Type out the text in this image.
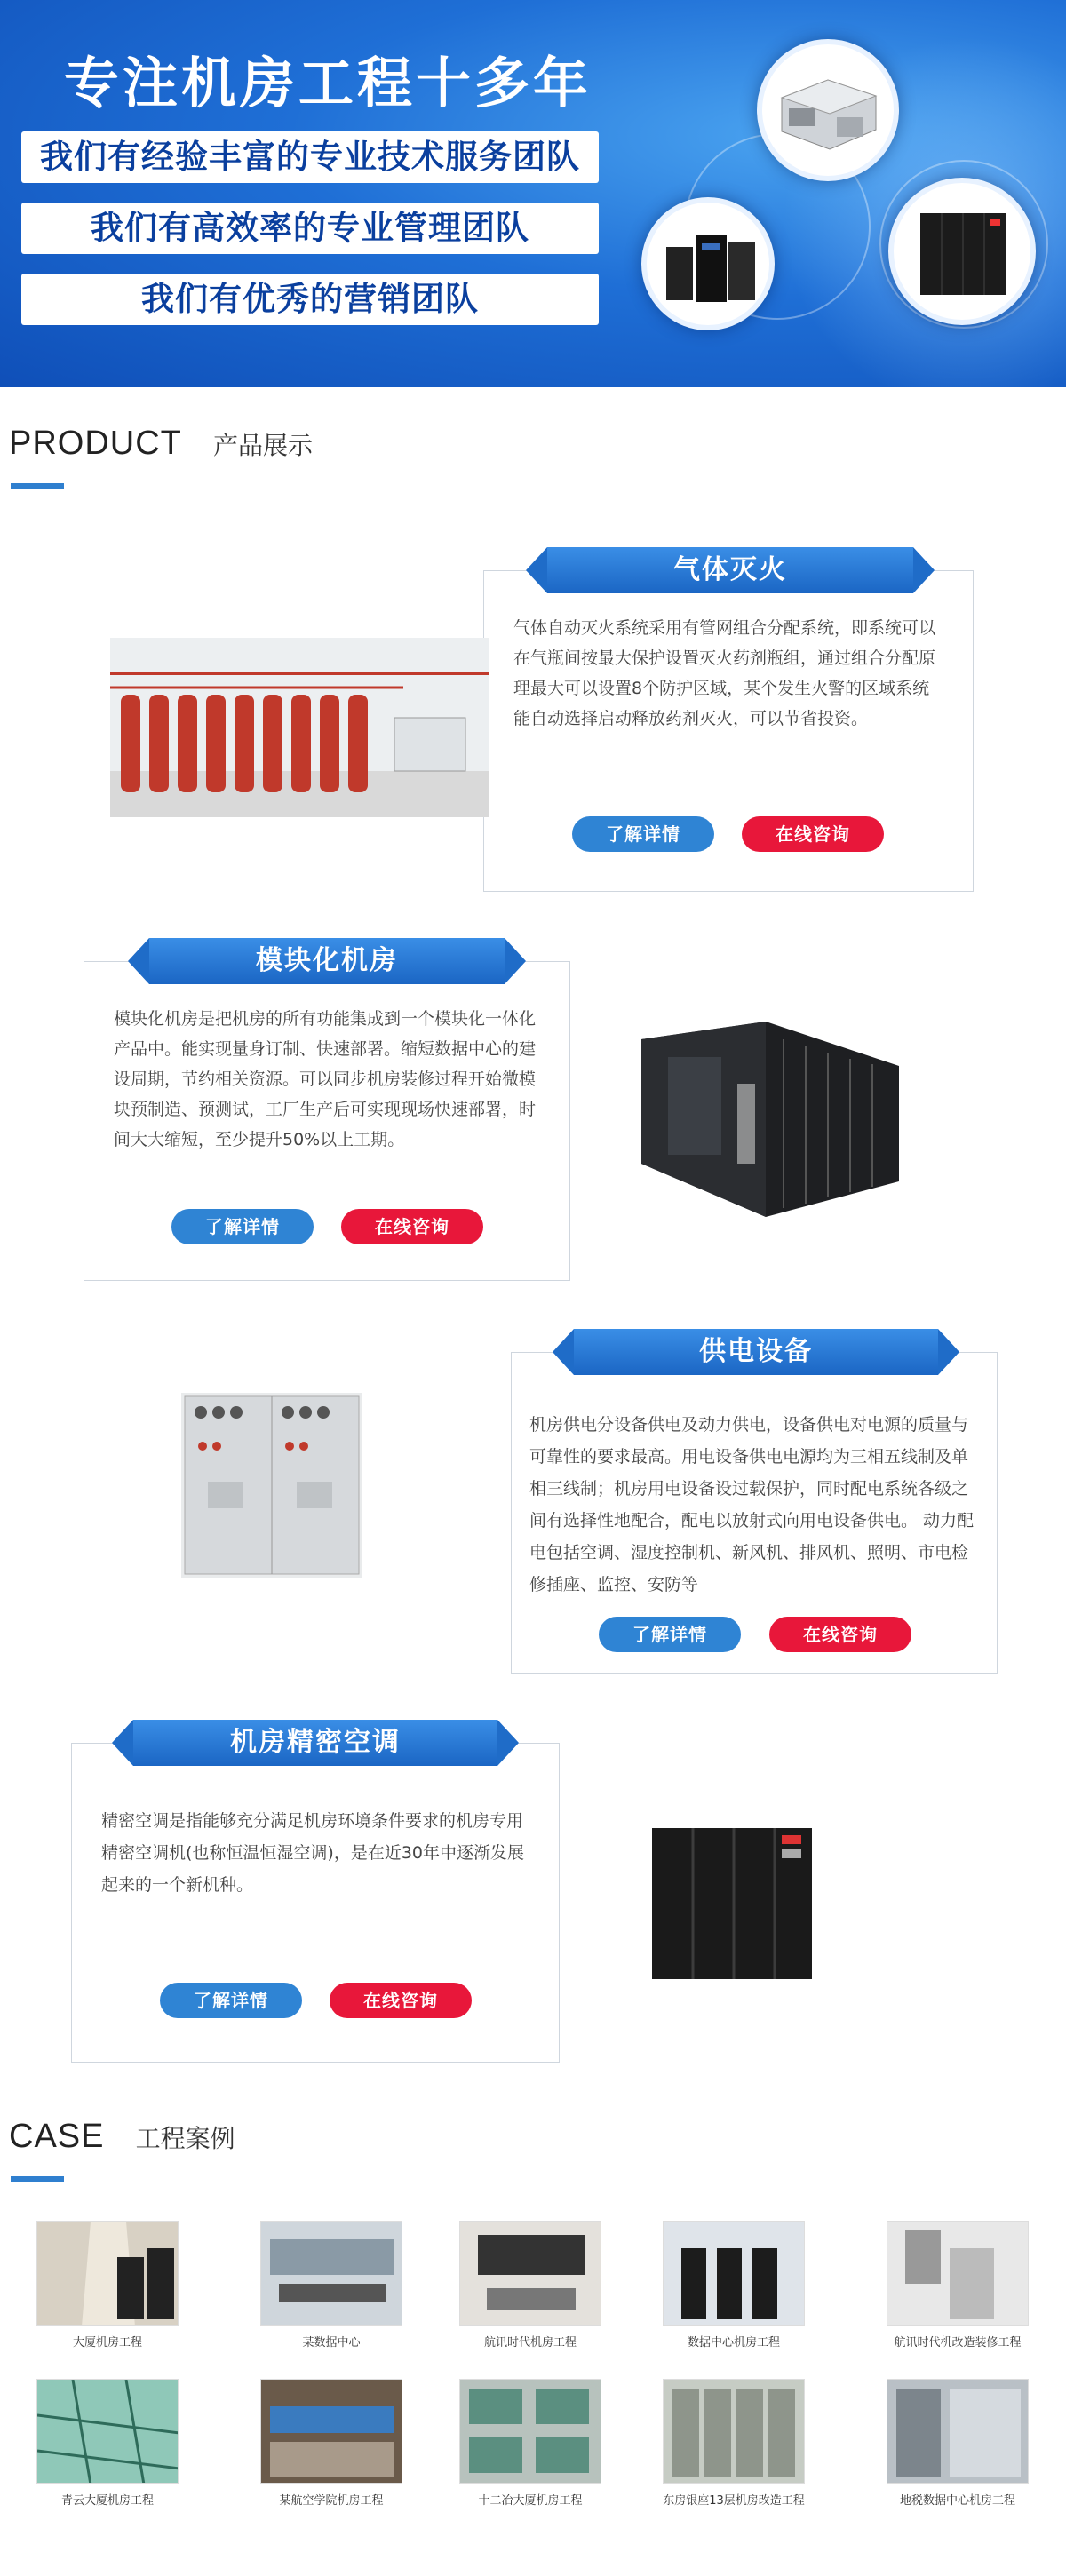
专注机房工程十多年
我们有经验丰富的专业技术服务团队
我们有高效率的专业管理团队
我们有优秀的营销团队
PRODUCT 产品展示
气体灭火
气体自动灭火系统采用有管网组合分配系统，即系统可以在气瓶间按最大保护设置灭火药剂瓶组，通过组合分配原理最大可以设置8个防护区域，某个发生火警的区域系统能自动选择启动释放药剂灭火，可以节省投资。
了解详情	在线咨询
模块化机房
模块化机房是把机房的所有功能集成到一个模块化一体化产品中。能实现量身订制、快速部署。缩短数据中心的建设周期，节约相关资源。可以同步机房装修过程开始微模块预制造、预测试，工厂生产后可实现现场快速部署，时间大大缩短，至少提升50%以上工期。
了解详情	在线咨询
供电设备
机房供电分设备供电及动力供电，设备供电对电源的质量与可靠性的要求最高。用电设备供电电源均为三相五线制及单相三线制；机房用电设备设过载保护，同时配电系统各级之间有选择性地配合，配电以放射式向用电设备供电。 动力配电包括空调、湿度控制机、新风机、排风机、照明、市电检修插座、监控、安防等
了解详情	在线咨询
机房精密空调
精密空调是指能够充分满足机房环境条件要求的机房专用精密空调机(也称恒温恒湿空调)，是在近30年中逐渐发展起来的一个新机种。
了解详情	在线咨询
CASE 工程案例
大厦机房工程	某数据中心	航讯时代机房工程	数据中心机房工程	航讯时代机改造装修工程
青云大厦机房工程	某航空学院机房工程	十二冶大厦机房工程	东房银座13层机房改造工程	地税数据中心机房工程
